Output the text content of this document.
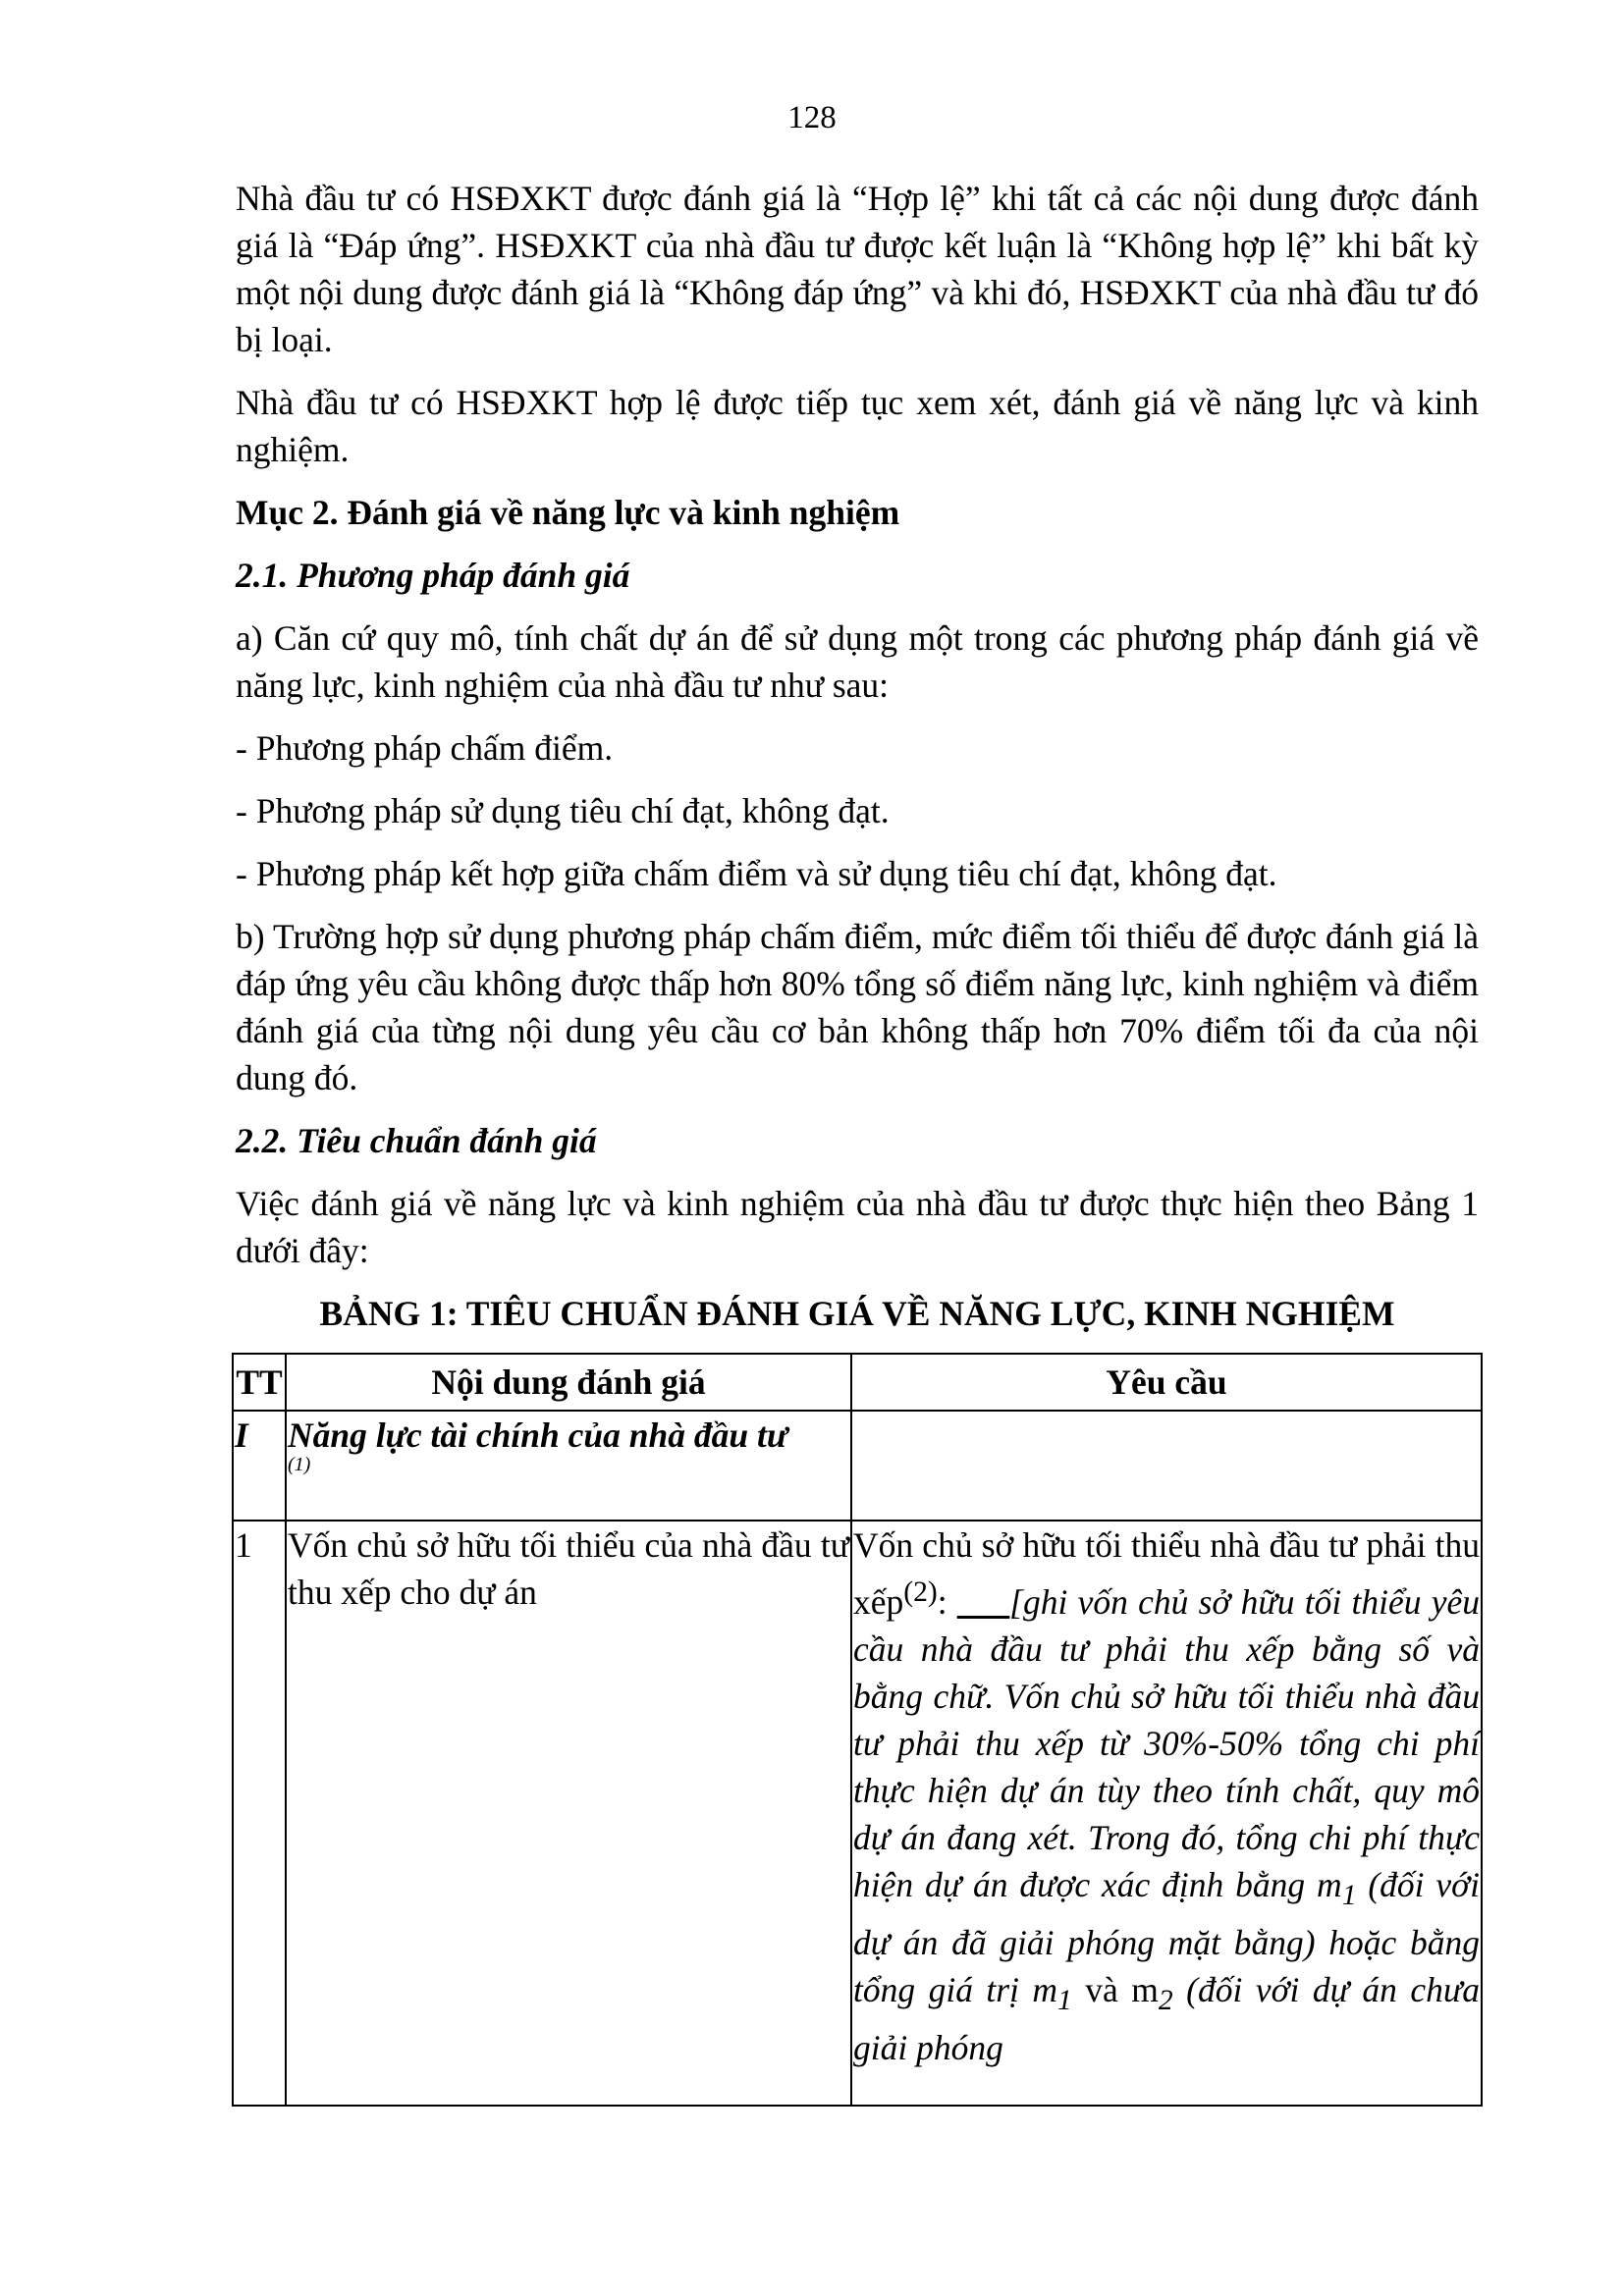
128

Nhà đầu tư có HSĐXKT được đánh giá là “Hợp lệ” khi tất cả các nội dung được đánh giá là “Đáp ứng”. HSĐXKT của nhà đầu tư được kết luận là “Không hợp lệ” khi bất kỳ một nội dung được đánh giá là “Không đáp ứng” và khi đó, HSĐXKT của nhà đầu tư đó bị loại.

Nhà đầu tư có HSĐXKT hợp lệ được tiếp tục xem xét, đánh giá về năng lực và kinh nghiệm.

Mục 2. Đánh giá về năng lực và kinh nghiệm

2.1. Phương pháp đánh giá

a) Căn cứ quy mô, tính chất dự án để sử dụng một trong các phương pháp đánh giá về năng lực, kinh nghiệm của nhà đầu tư như sau:

- Phương pháp chấm điểm.

- Phương pháp sử dụng tiêu chí đạt, không đạt.

- Phương pháp kết hợp giữa chấm điểm và sử dụng tiêu chí đạt, không đạt.

b) Trường hợp sử dụng phương pháp chấm điểm, mức điểm tối thiểu để được đánh giá là đáp ứng yêu cầu không được thấp hơn 80% tổng số điểm năng lực, kinh nghiệm và điểm đánh giá của từng nội dung yêu cầu cơ bản không thấp hơn 70% điểm tối đa của nội dung đó.

2.2. Tiêu chuẩn đánh giá

Việc đánh giá về năng lực và kinh nghiệm của nhà đầu tư được thực hiện theo Bảng 1 dưới đây:

BẢNG 1: TIÊU CHUẨN ĐÁNH GIÁ VỀ NĂNG LỰC, KINH NGHIỆM

TT	Nội dung đánh giá	Yêu cầu
I	Năng lực tài chính của nhà đầu tư
(1)	

1	Vốn chủ sở hữu tối thiểu của nhà đầu tư thu xếp cho dự án	Vốn chủ sở hữu tối thiểu nhà đầu tư phải thu xếp$^{(2)}$: ___[ghi vốn chủ sở hữu tối thiểu yêu cầu nhà đầu tư phải thu xếp bằng số và bằng chữ. Vốn chủ sở hữu tối thiểu nhà đầu tư phải thu xếp từ 30%-50% tổng chi phí thực hiện dự án tùy theo tính chất, quy mô dự án đang xét. Trong đó, tổng chi phí thực hiện dự án được xác định bằng $m_1$ (đối với dự án đã giải phóng mặt bằng) hoặc bằng tổng giá trị $m_1$ và $m_2$ (đối với dự án chưa giải phóng
